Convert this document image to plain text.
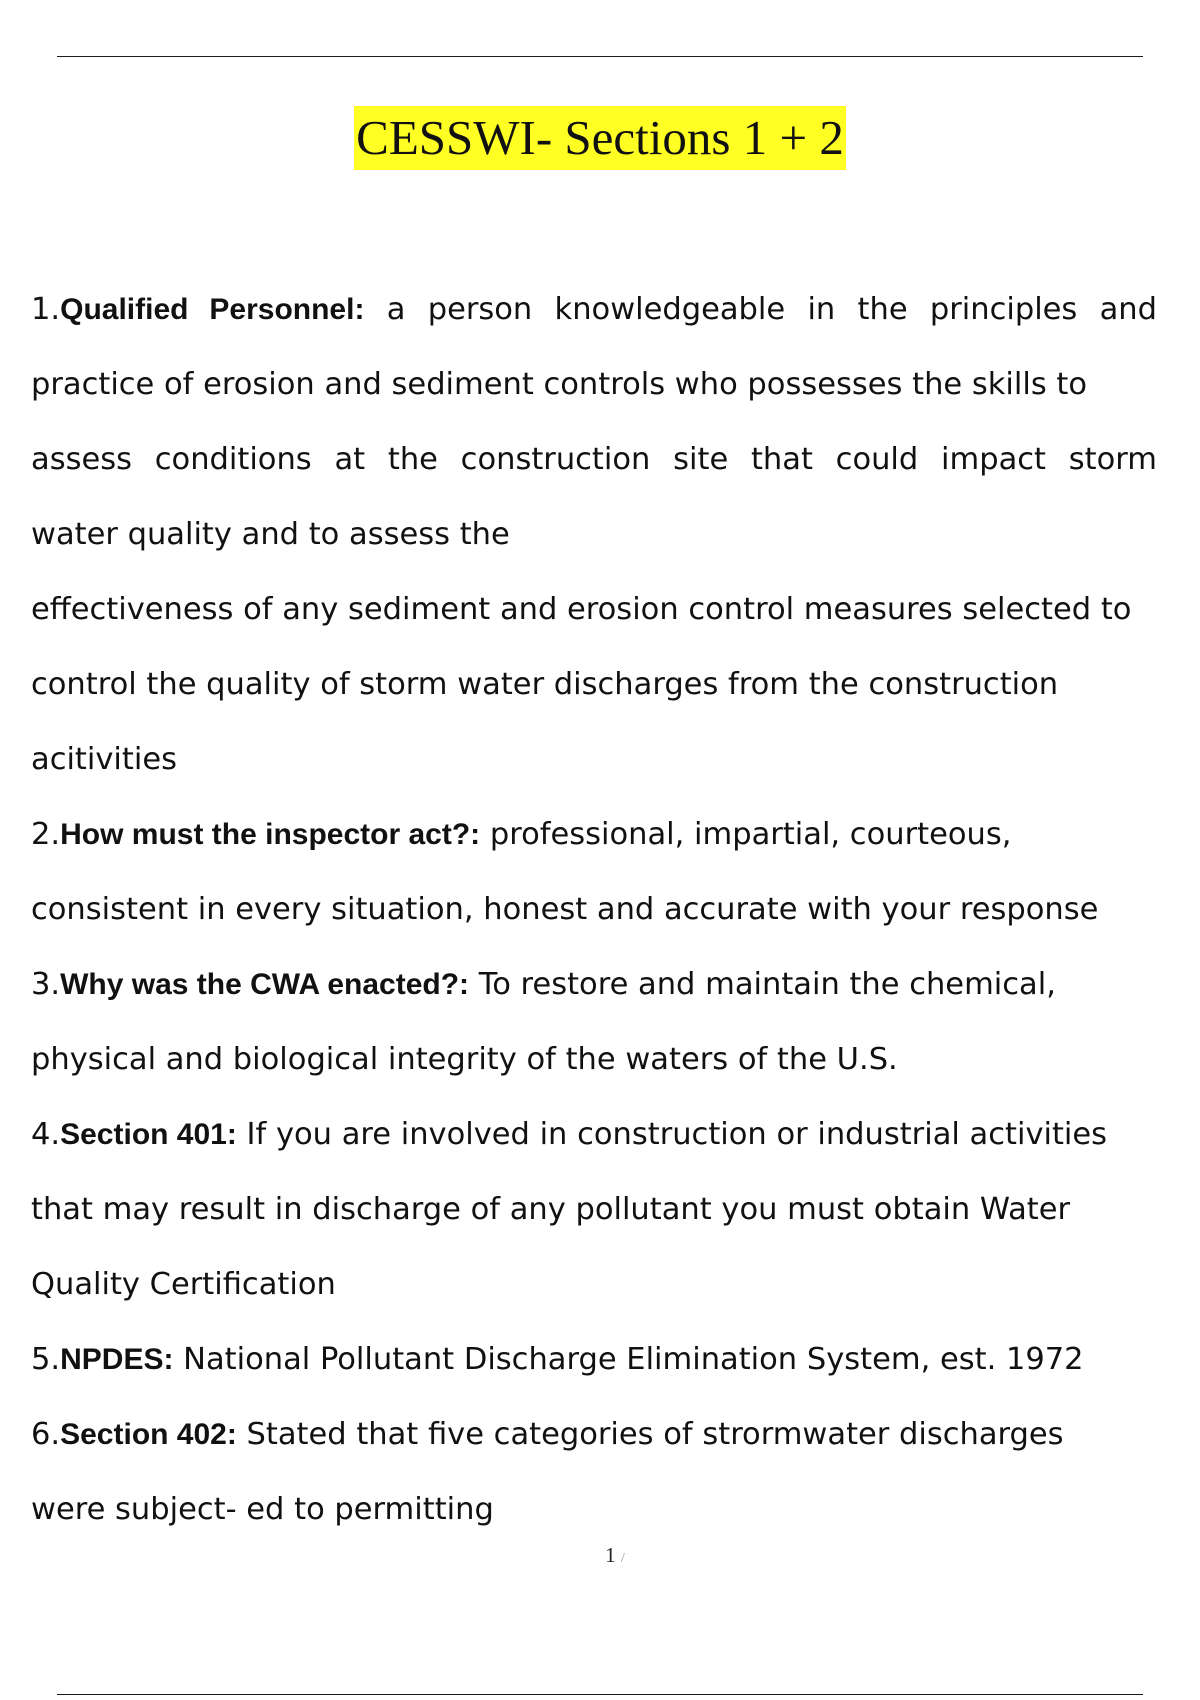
CESSWI- Sections 1 + 2
1.Qualified Personnel: a person knowledgeable in the principles and
practice of erosion and sediment controls who possesses the skills to
assess conditions at the construction site that could impact storm
water quality and to assess the
effectiveness of any sediment and erosion control measures selected to
control the quality of storm water discharges from the construction
acitivities
2.How must the inspector act?: professional, impartial, courteous,
consistent in every situation, honest and accurate with your response
3.Why was the CWA enacted?: To restore and maintain the chemical,
physical and biological integrity of the waters of the U.S.
4.Section 401: If you are involved in construction or industrial activities
that may result in discharge of any pollutant you must obtain Water
Quality Certification
5.NPDES: National Pollutant Discharge Elimination System, est. 1972
6.Section 402: Stated that five categories of strormwater discharges
were subject- ed to permitting
1 /
